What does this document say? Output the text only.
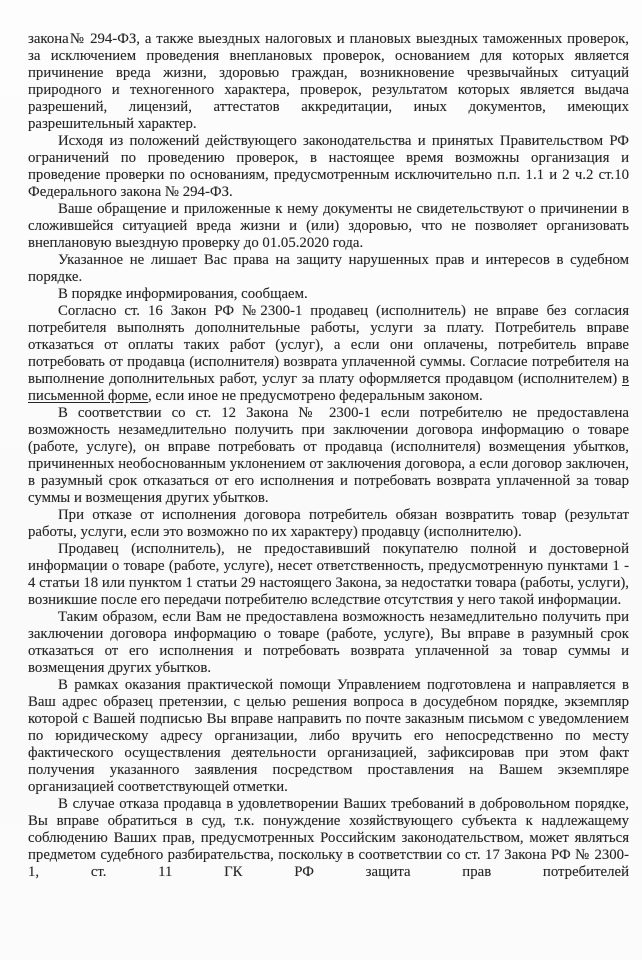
закона№ 294-ФЗ, а также выездных налоговых и плановых выездных таможенных проверок, за исключением проведения внеплановых проверок, основанием для которых является причинение вреда жизни, здоровью граждан, возникновение чрезвычайных ситуаций природного и техногенного характера, проверок, результатом которых является выдача разрешений, лицензий, аттестатов аккредитации, иных документов, имеющих разрешительный характер.

Исходя из положений действующего законодательства и принятых Правительством РФ ограничений по проведению проверок, в настоящее время возможны организация и проведение проверки по основаниям, предусмотренным исключительно п.п. 1.1 и 2 ч.2 ст.10 Федерального закона № 294-ФЗ.

Ваше обращение и приложенные к нему документы не свидетельствуют о причинении в сложившейся ситуацией вреда жизни и (или) здоровью, что не позволяет организовать внеплановую выездную проверку до 01.05.2020 года.

Указанное не лишает Вас права на защиту нарушенных прав и интересов в судебном порядке.

В порядке информирования, сообщаем.

Согласно ст. 16 Закон РФ №2300-1 продавец (исполнитель) не вправе без согласия потребителя выполнять дополнительные работы, услуги за плату. Потребитель вправе отказаться от оплаты таких работ (услуг), а если они оплачены, потребитель вправе потребовать от продавца (исполнителя) возврата уплаченной суммы. Согласие потребителя на выполнение дополнительных работ, услуг за плату оформляется продавцом (исполнителем) в письменной форме, если иное не предусмотрено федеральным законом.

В соответствии со ст. 12 Закона № 2300-1 если потребителю не предоставлена возможность незамедлительно получить при заключении договора информацию о товаре (работе, услуге), он вправе потребовать от продавца (исполнителя) возмещения убытков, причиненных необоснованным уклонением от заключения договора, а если договор заключен, в разумный срок отказаться от его исполнения и потребовать возврата уплаченной за товар суммы и возмещения других убытков.

При отказе от исполнения договора потребитель обязан возвратить товар (результат работы, услуги, если это возможно по их характеру) продавцу (исполнителю).

Продавец (исполнитель), не предоставивший покупателю полной и достоверной информации о товаре (работе, услуге), несет ответственность, предусмотренную пунктами 1 - 4 статьи 18 или пунктом 1 статьи 29 настоящего Закона, за недостатки товара (работы, услуги), возникшие после его передачи потребителю вследствие отсутствия у него такой информации.

Таким образом, если Вам не предоставлена возможность незамедлительно получить при заключении договора информацию о товаре (работе, услуге), Вы вправе в разумный срок отказаться от его исполнения и потребовать возврата уплаченной за товар суммы и возмещения других убытков.

В рамках оказания практической помощи Управлением подготовлена и направляется в Ваш адрес образец претензии, с целью решения вопроса в досудебном порядке, экземпляр которой с Вашей подписью Вы вправе направить по почте заказным письмом с уведомлением по юридическому адресу организации, либо вручить его непосредственно по месту фактического осуществления деятельности организацией, зафиксировав при этом факт получения указанного заявления посредством проставления на Вашем экземпляре организацией соответствующей отметки.

В случае отказа продавца в удовлетворении Ваших требований в добровольном порядке, Вы вправе обратиться в суд, т.к. понуждение хозяйствующего субъекта к надлежащему соблюдению Ваших прав, предусмотренных Российским законодательством, может являться предметом судебного разбирательства, поскольку в соответствии со ст. 17 Закона РФ № 2300-1, ст. 11 ГК РФ защита прав потребителей
